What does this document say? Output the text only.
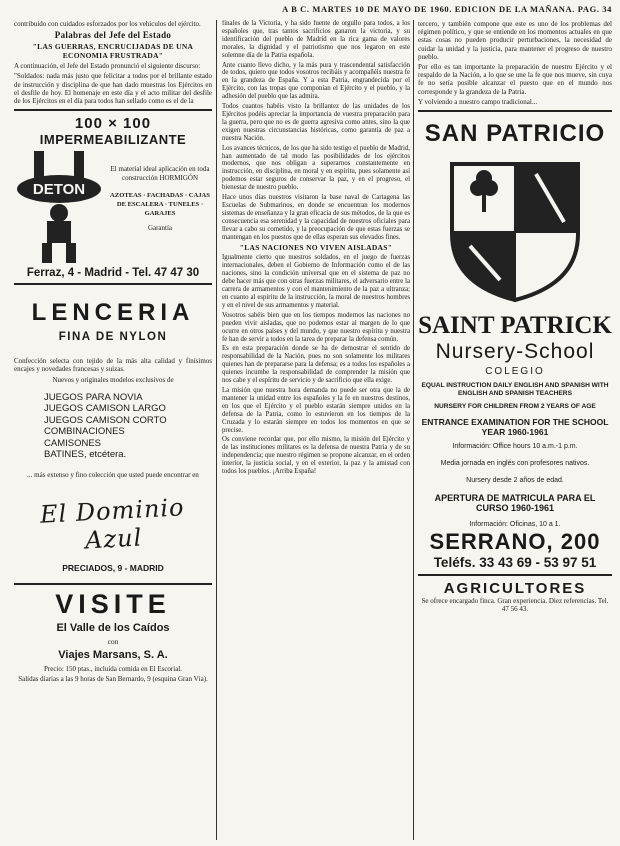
A B C. MARTES 10 DE MAYO DE 1960. EDICION DE LA MAÑANA. PAG. 34

contribuido con cuidados esforzados por los vehículos del ejército.

Palabras del Jefe del Estado
"LAS GUERRAS, ENCRUCIJADAS DE UNA ECONOMIA FRUSTRADA"

A continuación, el Jefe del Estado pronunció el siguiente discurso:

"Soldados: nada más justo que felicitar a todos por el brillante estado de instrucción y disciplina de que han dado muestras los Ejércitos en el desfile de hoy. El homenaje en este día y el acto militar del desfile de los Ejércitos en el día para todos han sellado como es el de la

100 × 100
IMPERMEABILIZANTE
DETON
El material ideal aplicación en toda construcción HORMIGÓN
AZOTEAS · FACHADAS · CAJAS DE ESCALERA · TUNELES · GARAJES
Garantía
Ferraz, 4 - Madrid - Tel. 47 47 30
LENCERIA
FINA DE NYLON

Confección selecta con tejido de la más alta calidad y finísimos encajes y novedades francesas y suizas.

Nuevos y originales modelos exclusivos de

JUEGOS PARA NOVIA
JUEGOS CAMISON LARGO
JUEGOS CAMISON CORTO
COMBINACIONES
CAMISONES
BATINES, etcétera.

... más extenso y fino colección que usted puede encontrar en

El Dominio Azul
PRECIADOS, 9 - MADRID
VISITE
El Valle de los Caídos
con
Viajes Marsans, S. A.

Precio: 150 ptas., incluida comida en El Escorial.

Salidas diarias a las 9 horas de San Bernardo, 9 (esquina Gran Vía).

finales de la Victoria, y ha sido fuente de orgullo para todos, a los españoles que, tras tantos sacrificios ganaron la victoria, y su identificación del pueblo de Madrid en la rica gama de valores morales, la dignidad y el patriotismo que nos legaron en este solemne día de la Patria española.

Ante cuanto llevo dicho, y la más pura y trascendental satisfacción de todos, quiero que todos vosotros recibáis y acompañéis nuestra fe en la grandeza de España. Y a esta Patria, engrandecida por el Ejército, con las tropas que componían el Ejército y el pueblo, y la adhesión del pueblo que las admira.

Todos cuantos habéis visto la brillantez de las unidades de los Ejércitos podéis apreciar la importancia de vuestra preparación para la guerra, pero que no es de guerra agresiva como antes, sino la que exigen nuestras circunstancias históricas, como garantía de paz a nuestra Nación.

Los avances técnicos, de los que ha sido testigo el pueblo de Madrid, han aumentado de tal modo las posibilidades de los ejércitos modernos, que nos obligan a superarnos constantemente en instrucción, en disciplina, en moral y en espíritu, pues solamente así podemos estar seguros de conservar la paz, y en el progreso, el bienestar de nuestro pueblo.

Hace unos días nuestros visitaron la base naval de Cartagena las Escuelas de Submarinos, en donde se encuentran los modernos sistemas de enseñanza y la gran eficacia de sus métodos, de la que es consecuencia esa serenidad y la capacidad de nuestros oficiales para llevar a cabo su cometido, y la preocupación de que estas fuerzas se mantengan en los puestos que de ellas esperan sus elevados fines.

"LAS NACIONES NO VIVEN AISLADAS"

Igualmente cierto que nuestros soldados, en el juego de fuerzas internacionales, deben el Gobierno de Información como el de las naciones, sino la condición universal que en el sistema de paz no debe hacer más que con otras fuerzas militares, el adversario entre la carrera de armamentos y con el mantenimiento de la paz a ultranza; en cuanto al espíritu de la instrucción, la moral de nuestros hombres y en el nivel de sus armamentos y material.

Vosotros sabéis bien que en los tiempos modernos las naciones no pueden vivir aisladas, que no podemos estar al margen de lo que ocurre en otros países y del mundo, y que nuestro espíritu y nuestra fe han de servir a todos en la tarea de preparar la defensa común.

Es en esta preparación donde se ha de demostrar el sentido de responsabilidad de la Nación, pues no son solamente los militares quienes han de prepararse para la defensa; es a todos los españoles a quienes incumbe la responsabilidad de comprender la misión que nos cabe y el espíritu de servicio y de sacrificio que ella exige.

La misión que nuestra hora demanda no puede ser otra que la de mantener la unidad entre los españoles y la fe en nuestros destinos, en los que el Ejército y el pueblo estarán siempre unidos en la defensa de la Patria, como lo estuvieron en los tiempos de la Cruzada y lo estarán siempre en todos los momentos en que se precise.

Os conviene recordar que, por ello mismo, la misión del Ejército y de las instituciones militares es la defensa de nuestra Patria y de su independencia; que nuestro régimen se propone alcanzar, en el orden interior, la justicia social, y en el exterior, la paz y la amistad con todos los pueblos. ¡Arriba España!

tercero, y también compone que este es uno de los problemas del régimen político, y que se entiende en los momentos actuales en que estas cosas no pueden producir perturbaciones, la necesidad de cuidar la unidad y la justicia, para mantener el progreso de nuestro pueblo.

Por ello es tan importante la preparación de nuestro Ejército y el respaldo de la Nación, a lo que se une la fe que nos mueve, sin cuya fe no sería posible alcanzar el puesto que en el mundo nos corresponde y la grandeza de la Patria.

Y volviendo a nuestro campo tradicional...

SAN PATRICIO
SAINT PATRICK
Nursery-School
COLEGIO
EQUAL INSTRUCTION DAILY ENGLISH AND SPANISH WITH ENGLISH AND SPANISH TEACHERS
NURSERY FOR CHILDREN FROM 2 YEARS OF AGE
ENTRANCE EXAMINATION FOR THE SCHOOL YEAR 1960-1961
Información: Office hours 10 a.m.-1 p.m.
Media jornada en inglés con profesores nativos.
Nursery desde 2 años de edad.
APERTURA DE MATRICULA PARA EL CURSO 1960-1961
Información: Oficinas, 10 a 1.
SERRANO, 200
Teléfs. 33 43 69 - 53 97 51
AGRICULTORES

Se ofrece encargado finca. Gran experiencia. Diez referencias. Tel. 47 56 43.
